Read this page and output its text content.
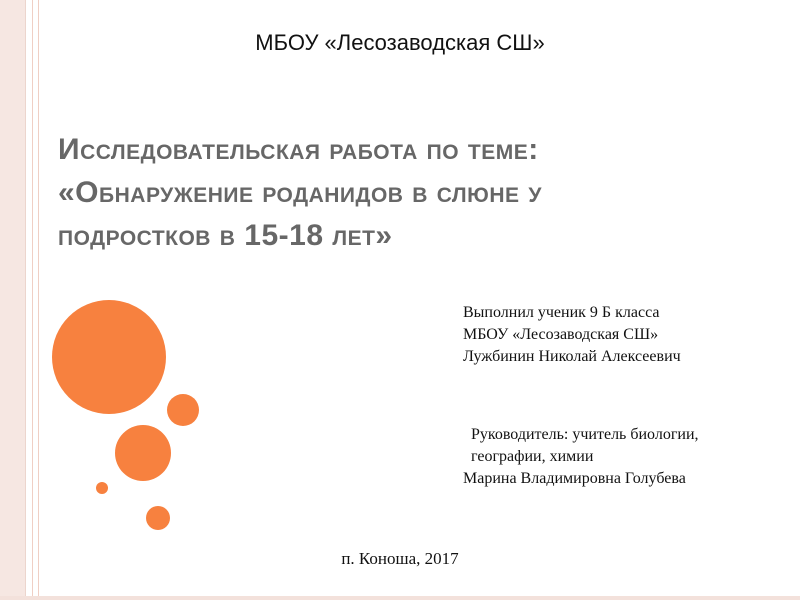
МБОУ «Лесозаводская СШ»
Исследовательская работа по теме:
«Обнаружение роданидов в слюне у
подростков в 15-18 лет»
Выполнил ученик 9 Б класса
МБОУ «Лесозаводская СШ»
Лужбинин Николай Алексеевич
Руководитель: учитель биологии,
географии, химии
Марина Владимировна Голубева
п. Коноша, 2017
